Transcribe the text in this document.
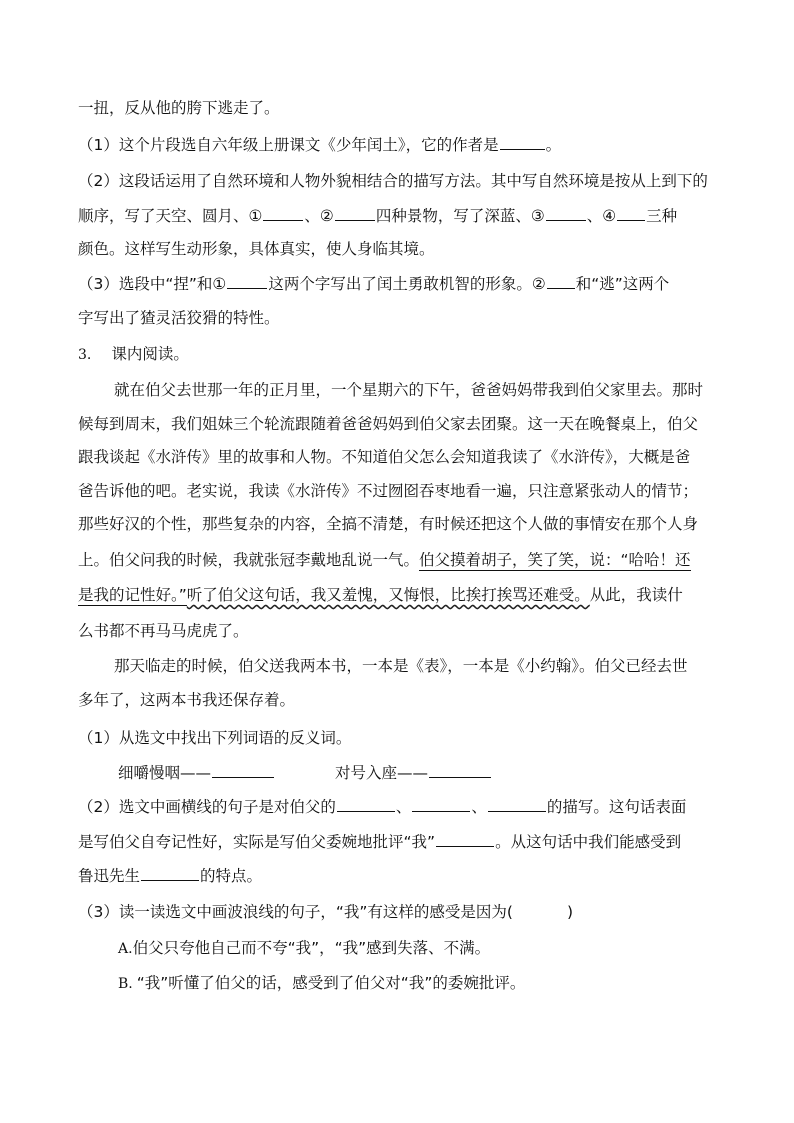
一扭，反从他的胯下逃走了。
（1）这个片段选自六年级上册课文《少年闰土》，它的作者是	。
（2）这段话运用了自然环境和人物外貌相结合的描写方法。其中写自然环境是按从上到下的
顺序，写了天空、圆月、①	、②	四种景物，写了深蓝、③	、④ 三种
颜色。这样写生动形象，具体真实，使人身临其境。
（3）选段中“捏”和①	这两个字写出了闰土勇敢机智的形象。② 和“逃”这两个
字写出了猹灵活狡猾的特性。
3. 课内阅读。
就在伯父去世那一年的正月里，一个星期六的下午，爸爸妈妈带我到伯父家里去。那时
候每到周末，我们姐妹三个轮流跟随着爸爸妈妈到伯父家去团聚。这一天在晚餐桌上，伯父
跟我谈起《水浒传》里的故事和人物。不知道伯父怎么会知道我读了《水浒传》，大概是爸
爸告诉他的吧。老实说，我读《水浒传》不过囫囵吞枣地看一遍，只注意紧张动人的情节；
那些好汉的个性，那些复杂的内容，全搞不清楚，有时候还把这个人做的事情安在那个人身
上。伯父问我的时候，我就张冠李戴地乱说一气。伯父摸着胡子，笑了笑，说：“哈哈！还
是我的记性好。”听了伯父这句话，我又羞愧，又悔恨，比挨打挨骂还难受。从此，我读什
么书都不再马马虎虎了。
那天临走的时候，伯父送我两本书，一本是《表》，一本是《小约翰》。伯父已经去世
多年了，这两本书我还保存着。
（1）从选文中找出下列词语的反义词。
细嚼慢咽——	对号入座——
（2）选文中画横线的句子是对伯父的	、	、	的描写。这句话表面
是写伯父自夸记性好，实际是写伯父委婉地批评“我”	。从这句话中我们能感受到
鲁迅先生	的特点。
（3）读一读选文中画波浪线的句子，“我”有这样的感受是因为(	)
A.伯父只夸他自己而不夸“我”，“我”感到失落、不满。
B. “我”听懂了伯父的话，感受到了伯父对“我”的委婉批评。
